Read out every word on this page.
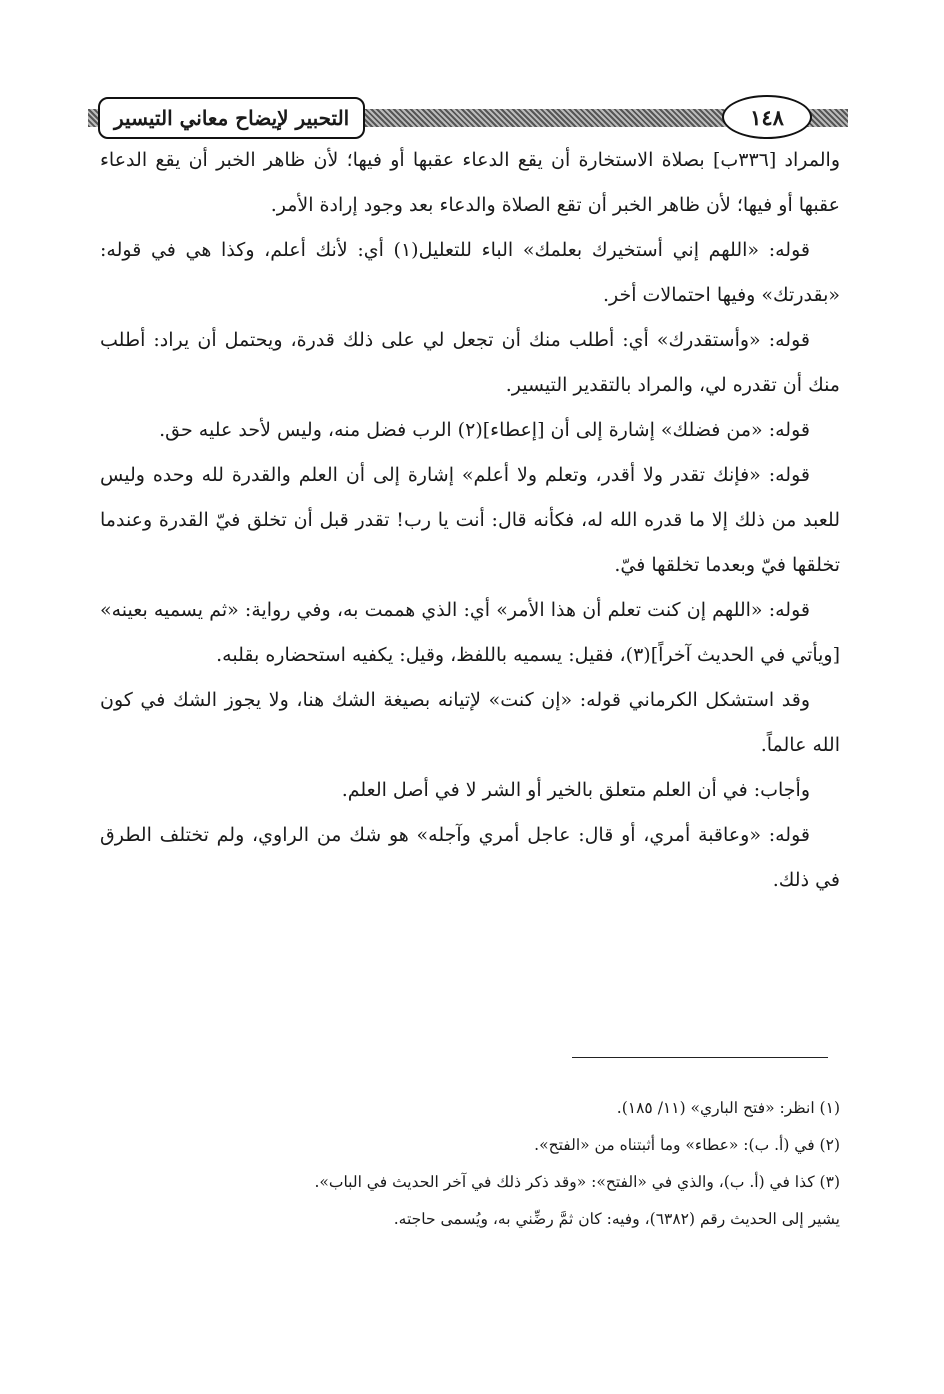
التحبير لإيضاح معاني التيسير	١٤٨

والمراد [٣٣٦ب] بصلاة الاستخارة أن يقع الدعاء عقبها أو فيها؛ لأن ظاهر الخبر أن يقع الدعاء عقبها أو فيها؛ لأن ظاهر الخبر أن تقع الصلاة والدعاء بعد وجود إرادة الأمر.

قوله: «اللهم إني أستخيرك بعلمك» الباء للتعليل(١) أي: لأنك أعلم، وكذا هي في قوله: «بقدرتك» وفيها احتمالات أخر.

قوله: «وأستقدرك» أي: أطلب منك أن تجعل لي على ذلك قدرة، ويحتمل أن يراد: أطلب منك أن تقدره لي، والمراد بالتقدير التيسير.

قوله: «من فضلك» إشارة إلى أن [إعطاء](٢) الرب فضل منه، وليس لأحد عليه حق.

قوله: «فإنك تقدر ولا أقدر، وتعلم ولا أعلم» إشارة إلى أن العلم والقدرة لله وحده وليس للعبد من ذلك إلا ما قدره الله له، فكأنه قال: أنت يا رب! تقدر قبل أن تخلق فيّ القدرة وعندما تخلقها فيّ وبعدما تخلقها فيّ.

قوله: «اللهم إن كنت تعلم أن هذا الأمر» أي: الذي هممت به، وفي رواية: «ثم يسميه بعينه» [ويأتي في الحديث آخراً](٣)، فقيل: يسميه باللفظ، وقيل: يكفيه استحضاره بقلبه.

وقد استشكل الكرماني قوله: «إن كنت» لإتيانه بصيغة الشك هنا، ولا يجوز الشك في كون الله عالماً.

وأجاب: في أن العلم متعلق بالخير أو الشر لا في أصل العلم.

قوله: «وعاقبة أمري، أو قال: عاجل أمري وآجله» هو شك من الراوي، ولم تختلف الطرق في ذلك.

(١) انظر: «فتح الباري» (١١/ ١٨٥).

(٢) في (أ. ب): «عطاء» وما أثبتناه من «الفتح».

(٣) كذا في (أ. ب)، والذي في «الفتح»: «وقد ذكر ذلك في آخر الحديث في الباب».

يشير إلى الحديث رقم (٦٣٨٢)، وفيه: كان ثمَّ رضِّني به، ويُسمى حاجته.
